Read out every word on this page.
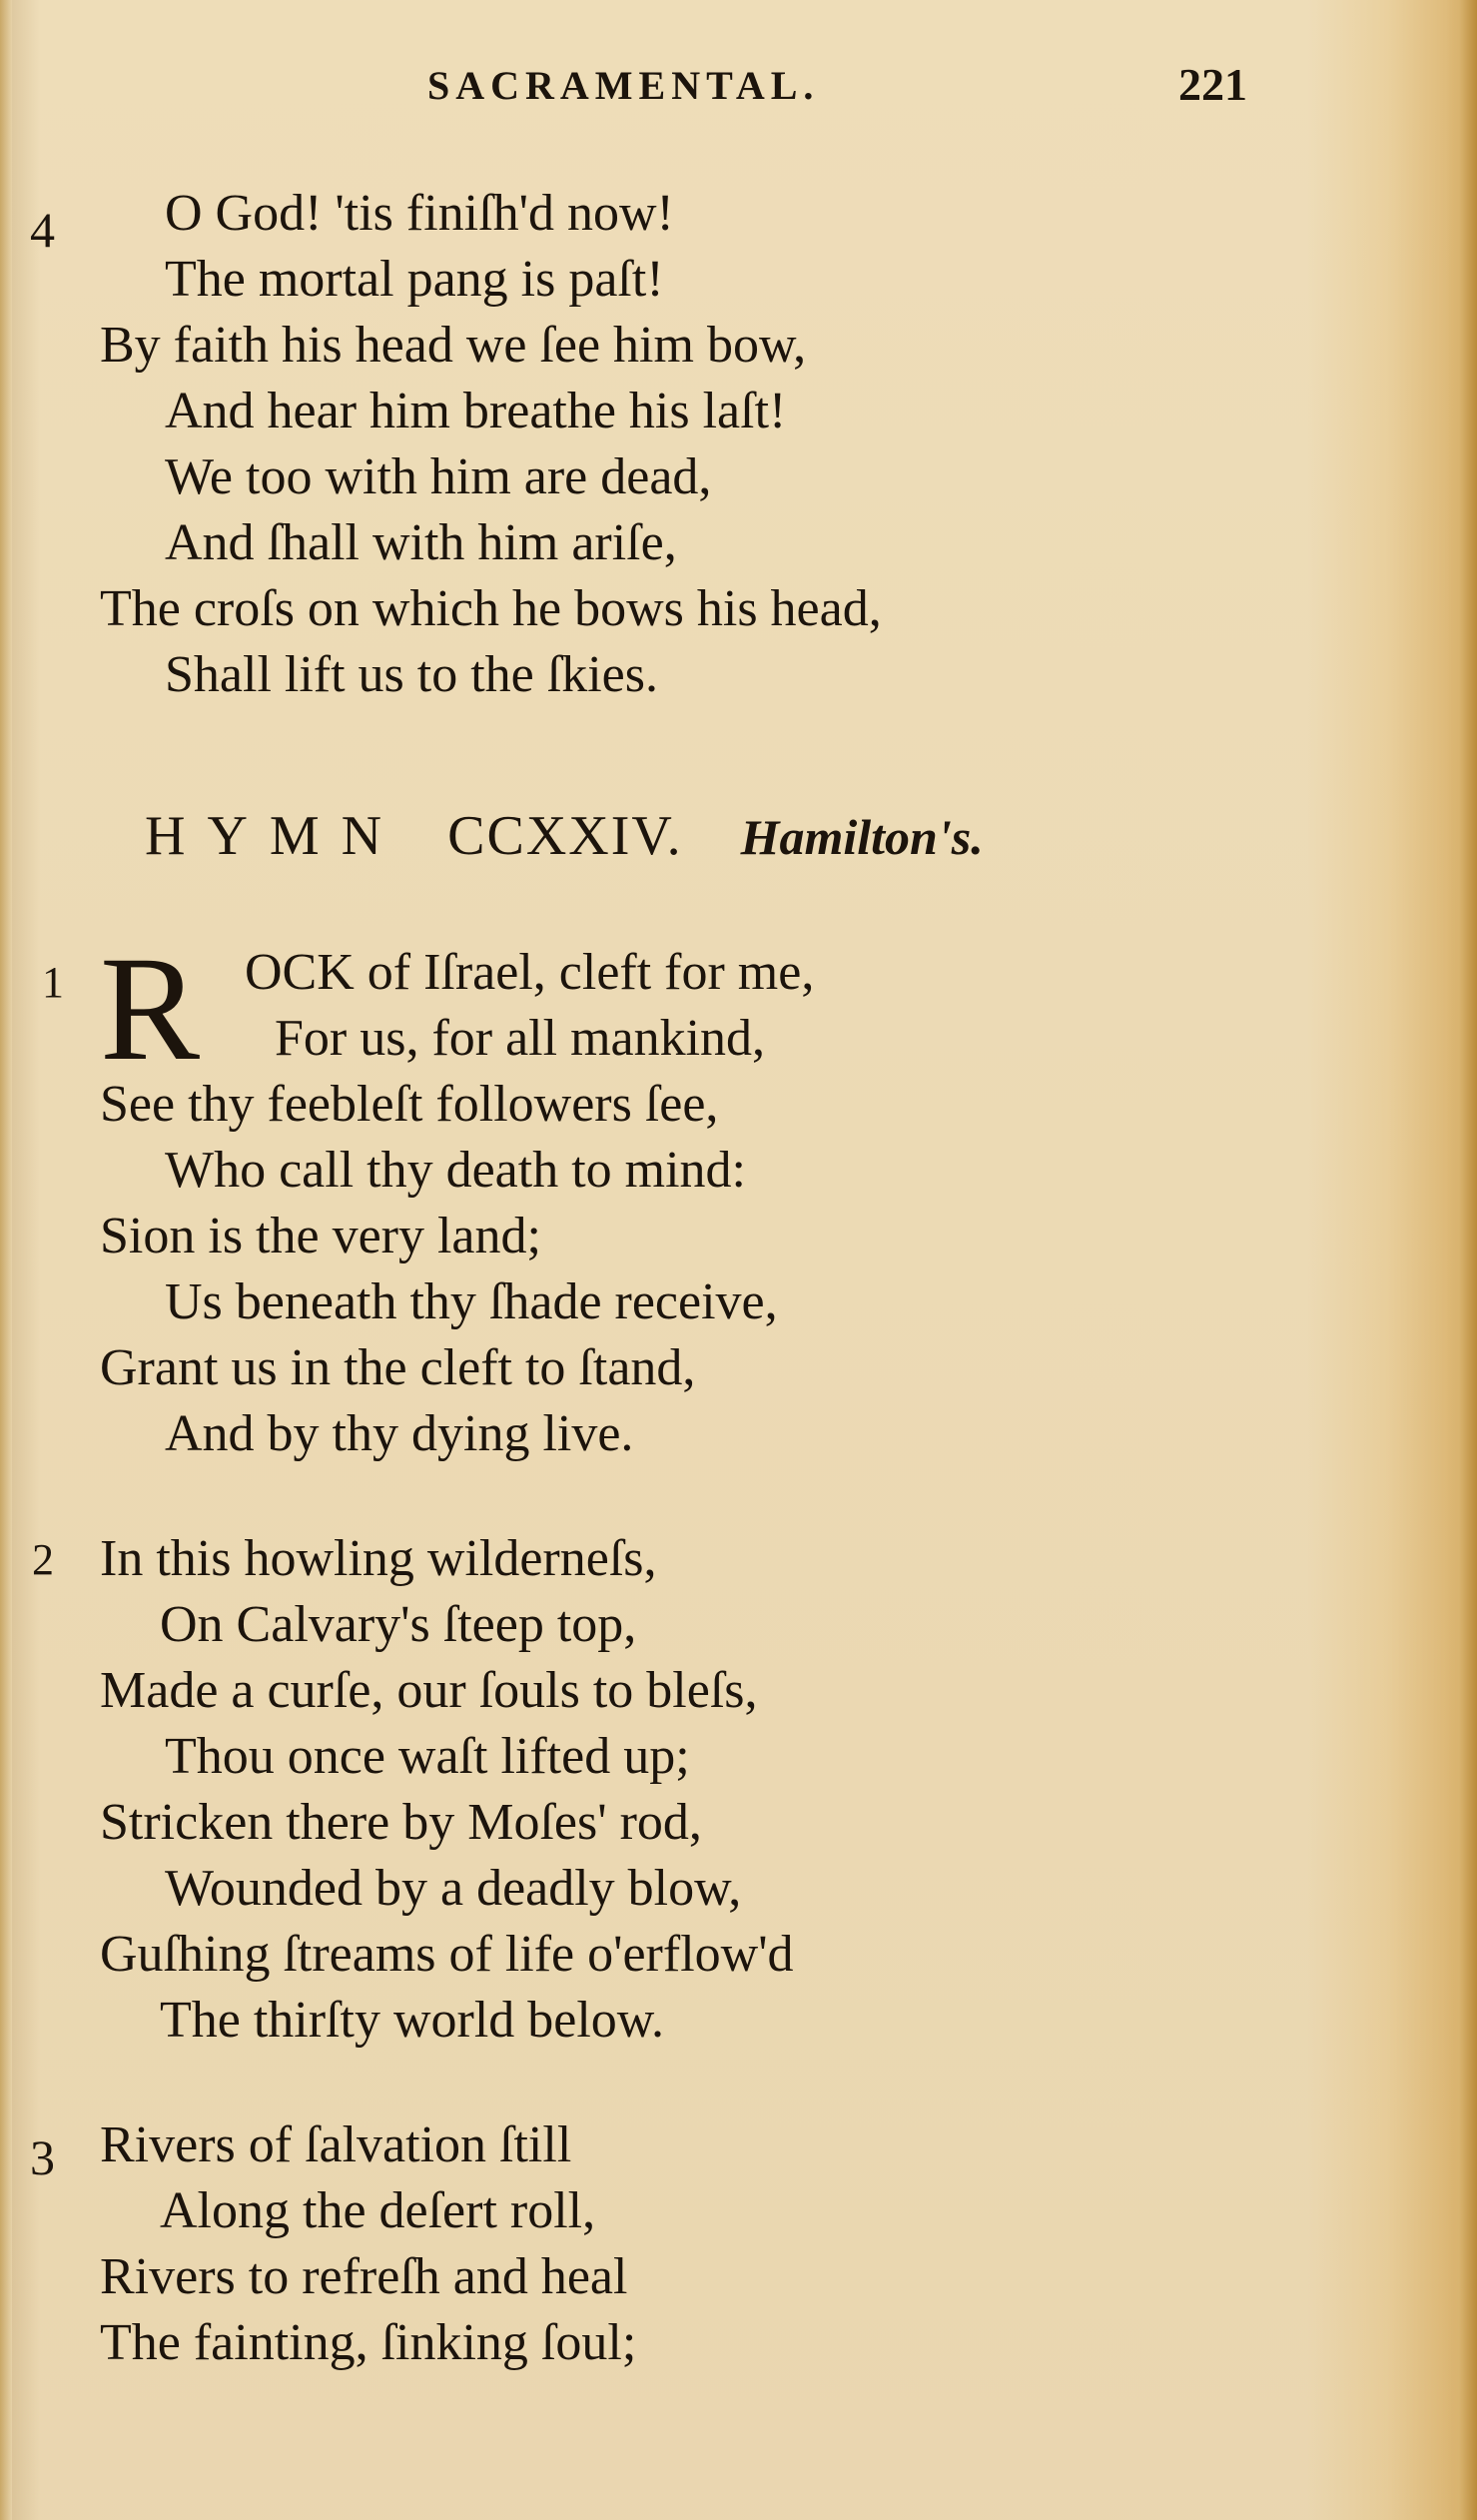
SACRAMENTAL.	221
4 O God! 'tis finiſh'd now!
The mortal pang is paſt!
By faith his head we ſee him bow,
And hear him breathe his laſt!
We too with him are dead,
And ſhall with him ariſe,
The croſs on which he bows his head,
Shall lift us to the ſkies.
HYMN CCXXIV. Hamilton's.
1 R OCK of Iſrael, cleft for me,
For us, for all mankind,
See thy feebleſt followers ſee,
Who call thy death to mind:
Sion is the very land;
Us beneath thy ſhade receive,
Grant us in the cleft to ſtand,
And by thy dying live.
2 In this howling wilderneſs,
On Calvary's ſteep top,
Made a curſe, our ſouls to bleſs,
Thou once waſt lifted up;
Stricken there by Moſes' rod,
Wounded by a deadly blow,
Guſhing ſtreams of life o'erflow'd
The thirſty world below.
3 Rivers of ſalvation ſtill
Along the deſert roll,
Rivers to refreſh and heal
The fainting, ſinking ſoul;
